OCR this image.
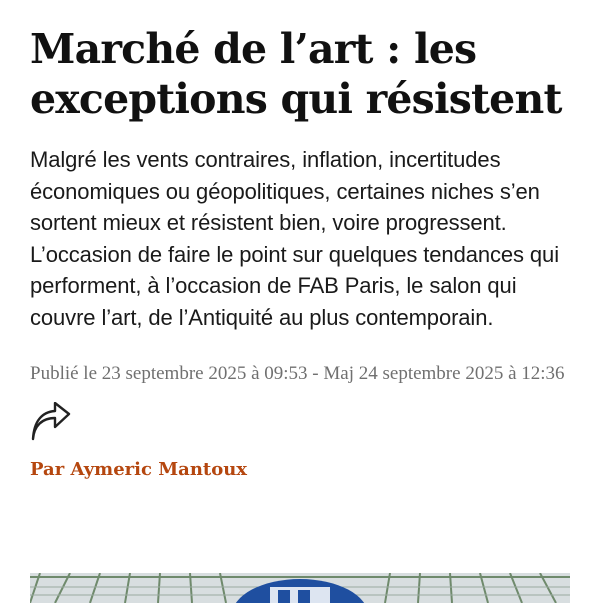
Marché de l’art : les exceptions qui résistent

Malgré les vents contraires, inflation, incertitudes économiques ou géopolitiques, certaines niches s’en sortent mieux et résistent bien, voire progressent. L’occasion de faire le point sur quelques tendances qui performent, à l’occasion de FAB Paris, le salon qui couvre l’art, de l’Antiquité au plus contemporain.

Publié le 23 septembre 2025 à 09:53 - Maj 24 septembre 2025 à 12:36
Par Aymeric Mantoux
